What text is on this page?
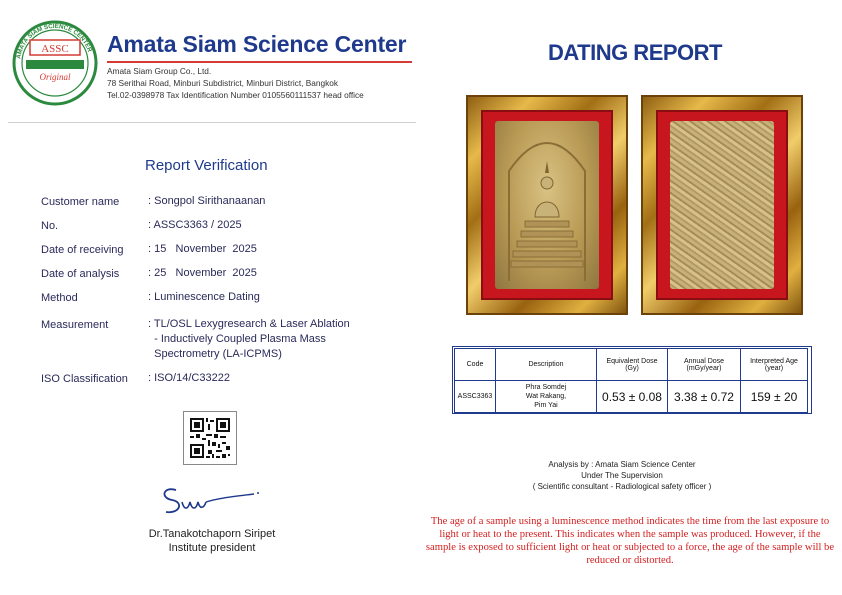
ASSC
Original
AMATA SIAM SCIENCE CENTER Amata Siam Science Center
Amata Siam Group Co., Ltd.
78 Serithai Road, Minburi Subdistrict, Minburi District, Bangkok
Tel.02-0398978 Tax Identification Number 0105560111537 head office
Report Verification
Customer name	: Songpol Sirithanaanan
No.	: ASSC3363 / 2025
Date of receiving : 15   November  2025
Date of analysis	: 25   November  2025
Method	: Luminescence Dating
Measurement	: TL/OSL Lexygresearch & Laser Ablation
- Inductively Coupled Plasma Mass
Spectrometry (LA-ICPMS)
ISO Classification : ISO/14/C33222
Dr.Tanakotchaporn Siripet
Institute president
DATING REPORT
Code	Description	Equivalent Dose (Gy)	Annual Dose (mGy/year)	Interpreted Age (year)
ASSC3363	Phra Somdej
Wat Rakang,
Pim Yai	0.53 ± 0.08	3.38 ± 0.72	159 ± 20
Analysis by : Amata Siam Science Center
Under The Supervision
( Scientific consultant - Radiological safety officer )
The age of a sample using a luminescence method indicates the time from the last exposure to light or heat to the present. This indicates when the sample was produced. However, if the sample is exposed to sufficient light or heat or subjected to a force, the age of the sample will be reduced or distorted.
